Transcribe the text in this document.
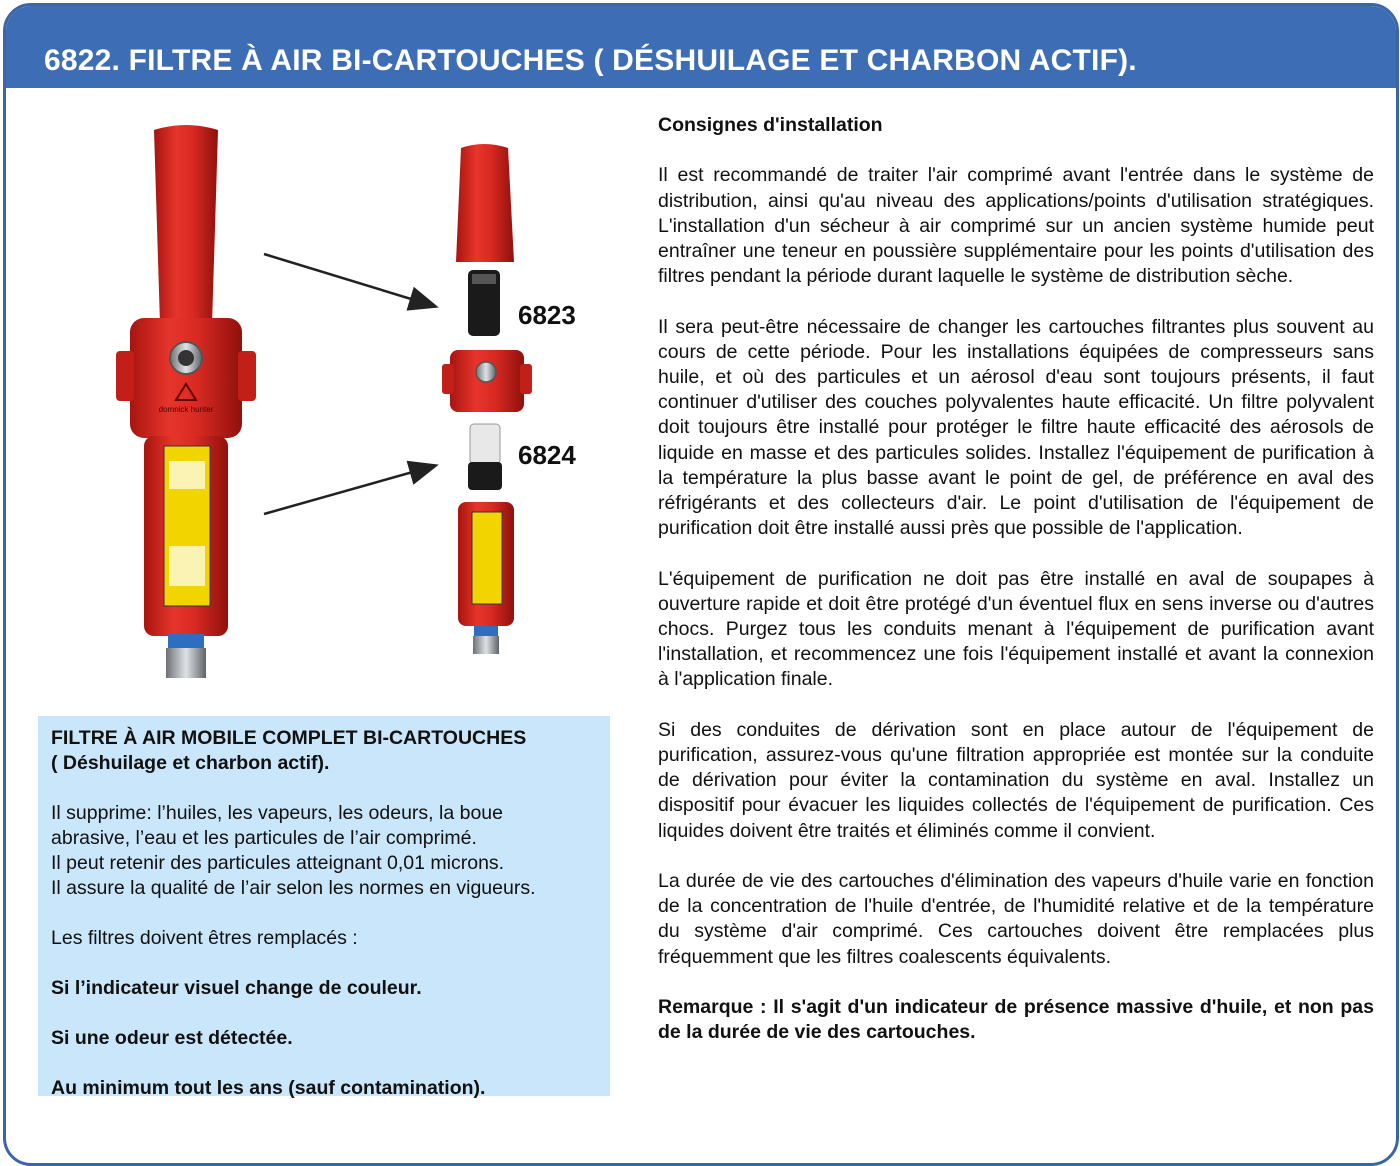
6822. FILTRE À AIR BI-CARTOUCHES ( DÉSHUILAGE ET CHARBON ACTIF).
domnick hunter
6823
6824

FILTRE À AIR MOBILE COMPLET BI-CARTOUCHES
( Déshuilage et charbon actif).

Il supprime: l’huiles, les vapeurs, les odeurs, la boue
abrasive, l’eau et les particules de l’air comprimé.
Il peut retenir des particules atteignant 0,01 microns.
Il assure la qualité de l’air selon les normes en vigueurs.

Les filtres doivent êtres remplacés :

Si l’indicateur visuel change de couleur.

Si une odeur est détectée.

Au minimum tout les ans (sauf contamination).

Consignes d'installation

Il est recommandé de traiter l'air comprimé avant l'entrée dans le système de distribution, ainsi qu'au niveau des applications/points d'utilisation stratégiques. L'installation d'un sécheur à air comprimé sur un ancien système humide peut entraîner une teneur en poussière supplémentaire pour les points d'utilisation des filtres pendant la période durant laquelle le système de distribution sèche.

Il sera peut-être nécessaire de changer les cartouches filtrantes plus souvent au cours de cette période. Pour les installations équipées de compresseurs sans huile, et où des particules et un aérosol d'eau sont toujours présents, il faut continuer d'utiliser des couches polyvalentes haute efficacité. Un filtre polyvalent doit toujours être installé pour protéger le filtre haute efficacité des aérosols de liquide en masse et des particules solides. Installez l'équipement de purification à la température la plus basse avant le point de gel, de préférence en aval des réfrigérants et des collecteurs d'air. Le point d'utilisation de l'équipement de purification doit être installé aussi près que possible de l'application.

L'équipement de purification ne doit pas être installé en aval de soupapes à ouverture rapide et doit être protégé d'un éventuel flux en sens inverse ou d'autres chocs. Purgez tous les conduits menant à l'équipement de purification avant l'installation, et recommencez une fois l'équipement installé et avant la connexion à l'application finale.

Si des conduites de dérivation sont en place autour de l'équipement de purification, assurez-vous qu'une filtration appropriée est montée sur la conduite de dérivation pour éviter la contamination du système en aval. Installez un dispositif pour évacuer les liquides collectés de l'équipement de purification. Ces liquides doivent être traités et éliminés comme il convient.

La durée de vie des cartouches d'élimination des vapeurs d'huile varie en fonction de la concentration de l'huile d'entrée, de l'humidité relative et de la température du système d'air comprimé. Ces cartouches doivent être remplacées plus fréquemment que les filtres coalescents équivalents.

Remarque : Il s'agit d'un indicateur de présence massive d'huile, et non pas de la durée de vie des cartouches.
